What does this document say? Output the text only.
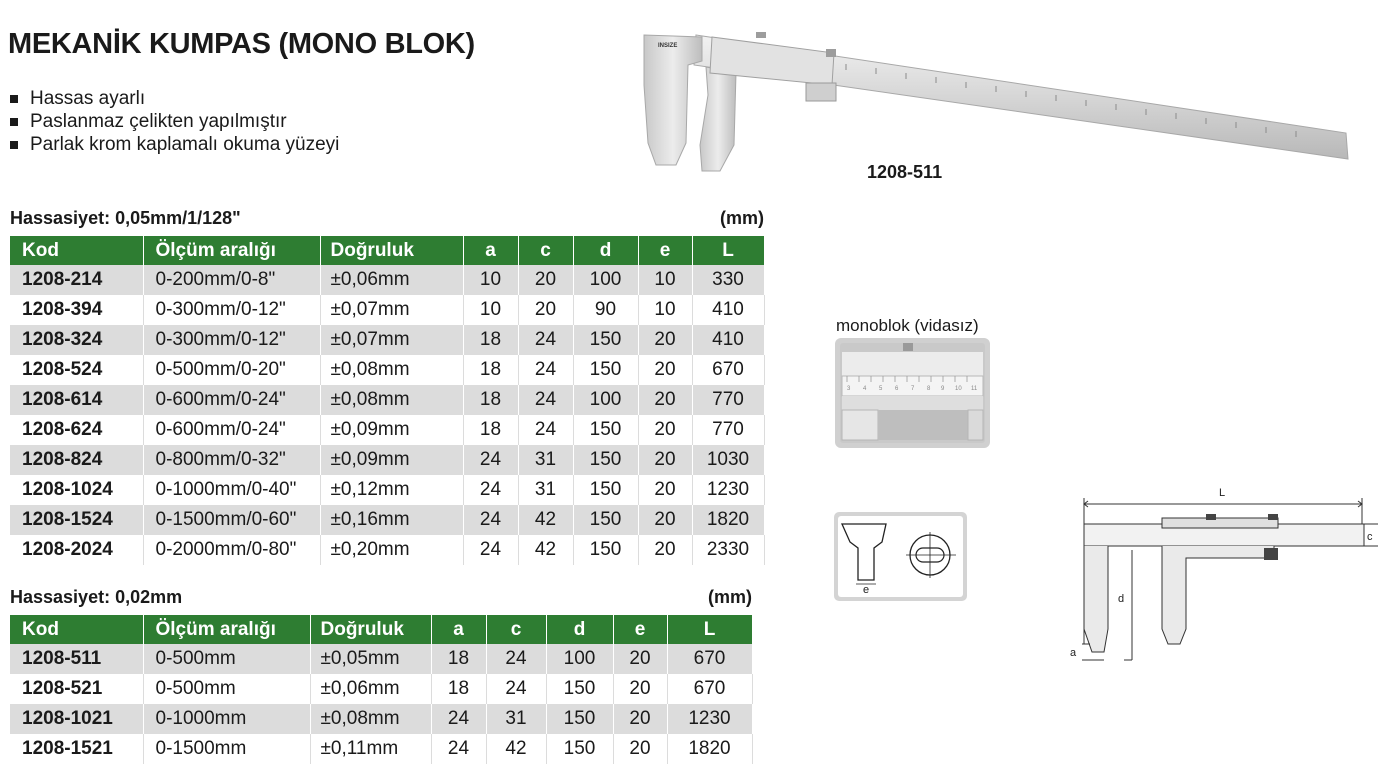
MEKANİK KUMPAS (MONO BLOK)
Hassas ayarlı
Paslanmaz çelikten yapılmıştır
Parlak krom kaplamalı okuma yüzeyi
INSIZE
1208-511
Hassasiyet: 0,05mm/1/128"	(mm)
Kod	Ölçüm aralığı	Doğruluk	a	c	d	e	L
1208-214	0-200mm/0-8"	±0,06mm	10	20	100	10	330
1208-394	0-300mm/0-12"	±0,07mm	10	20	90	10	410
1208-324	0-300mm/0-12"	±0,07mm	18	24	150	20	410
1208-524	0-500mm/0-20"	±0,08mm	18	24	150	20	670
1208-614	0-600mm/0-24"	±0,08mm	18	24	100	20	770
1208-624	0-600mm/0-24"	±0,09mm	18	24	150	20	770
1208-824	0-800mm/0-32"	±0,09mm	24	31	150	20	1030
1208-1024	0-1000mm/0-40"	±0,12mm	24	31	150	20	1230
1208-1524	0-1500mm/0-60"	±0,16mm	24	42	150	20	1820
1208-2024	0-2000mm/0-80"	±0,20mm	24	42	150	20	2330
Hassasiyet: 0,02mm	(mm)
Kod	Ölçüm aralığı	Doğruluk	a	c	d	e	L
1208-511	0-500mm	±0,05mm	18	24	100	20	670
1208-521	0-500mm	±0,06mm	18	24	150	20	670
1208-1021	0-1000mm	±0,08mm	24	31	150	20	1230
1208-1521	0-1500mm	±0,11mm	24	42	150	20	1820
monoblok (vidasız)
3 4 5 6 7 8 9 10 11
e
L
c
d
a
